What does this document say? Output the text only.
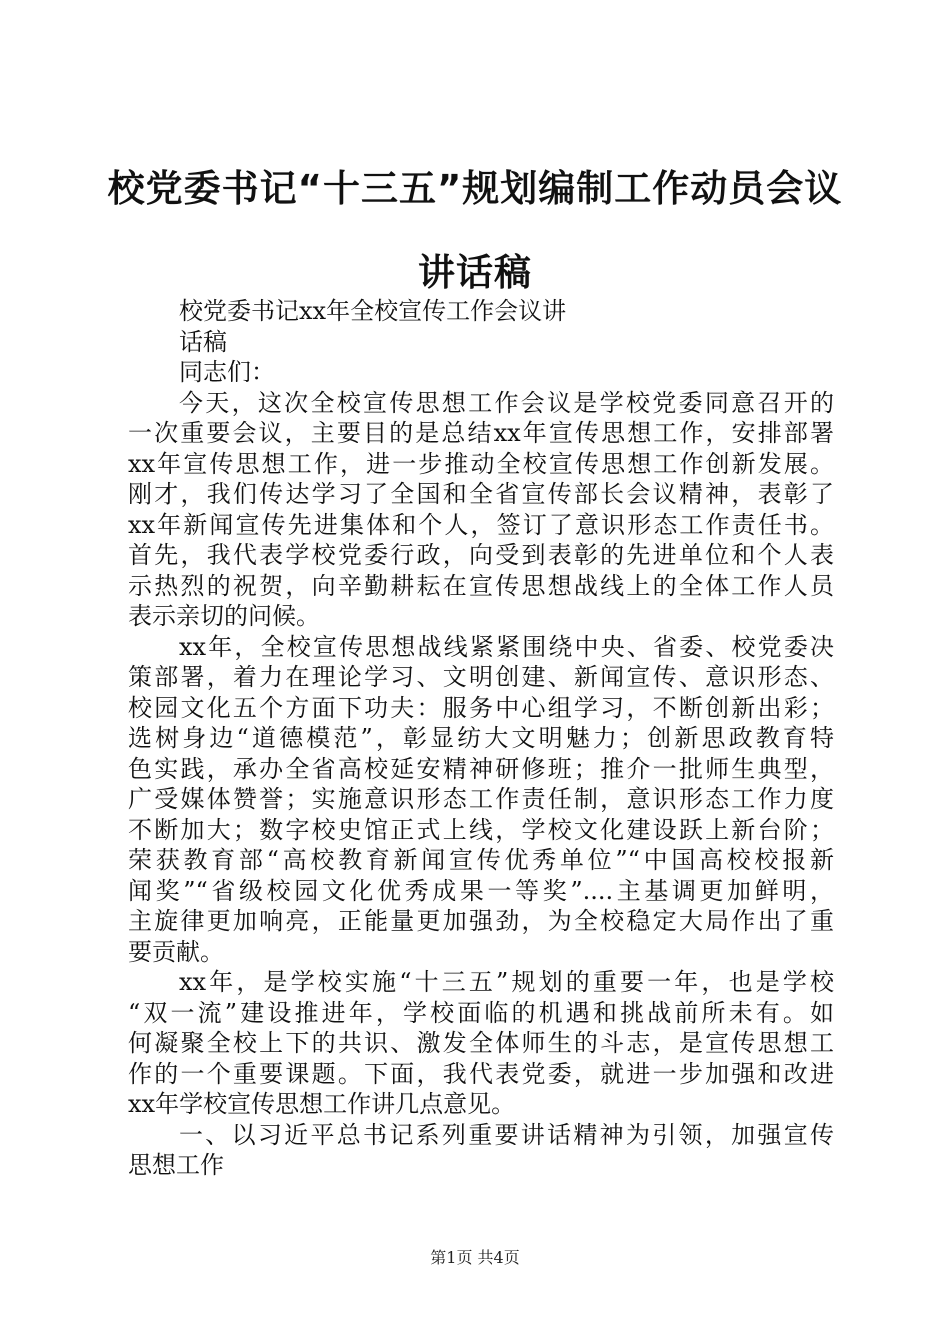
校党委书记“十三五”规划编制工作动员会议
讲话稿
校党委书记xx年全校宣传工作会议讲
话稿
同志们：
今天，这次全校宣传思想工作会议是学校党委同意召开的
一次重要会议，主要目的是总结xx年宣传思想工作，安排部署
xx年宣传思想工作，进一步推动全校宣传思想工作创新发展。
刚才，我们传达学习了全国和全省宣传部长会议精神，表彰了
xx年新闻宣传先进集体和个人，签订了意识形态工作责任书。
首先，我代表学校党委行政，向受到表彰的先进单位和个人表
示热烈的祝贺，向辛勤耕耘在宣传思想战线上的全体工作人员
表示亲切的问候。
xx年，全校宣传思想战线紧紧围绕中央、省委、校党委决
策部署，着力在理论学习、文明创建、新闻宣传、意识形态、
校园文化五个方面下功夫：服务中心组学习，不断创新出彩；
选树身边“道德模范”，彰显纺大文明魅力；创新思政教育特
色实践，承办全省高校延安精神研修班；推介一批师生典型，
广受媒体赞誉；实施意识形态工作责任制，意识形态工作力度
不断加大；数字校史馆正式上线，学校文化建设跃上新台阶；
荣获教育部“高校教育新闻宣传优秀单位”“中国高校校报新
闻奖”“省级校园文化优秀成果一等奖”....主基调更加鲜明，
主旋律更加响亮，正能量更加强劲，为全校稳定大局作出了重
要贡献。
xx年，是学校实施“十三五”规划的重要一年，也是学校
“双一流”建设推进年，学校面临的机遇和挑战前所未有。如
何凝聚全校上下的共识、激发全体师生的斗志，是宣传思想工
作的一个重要课题。下面，我代表党委，就进一步加强和改进
xx年学校宣传思想工作讲几点意见。
一、以习近平总书记系列重要讲话精神为引领，加强宣传
思想工作
第1页 共4页
